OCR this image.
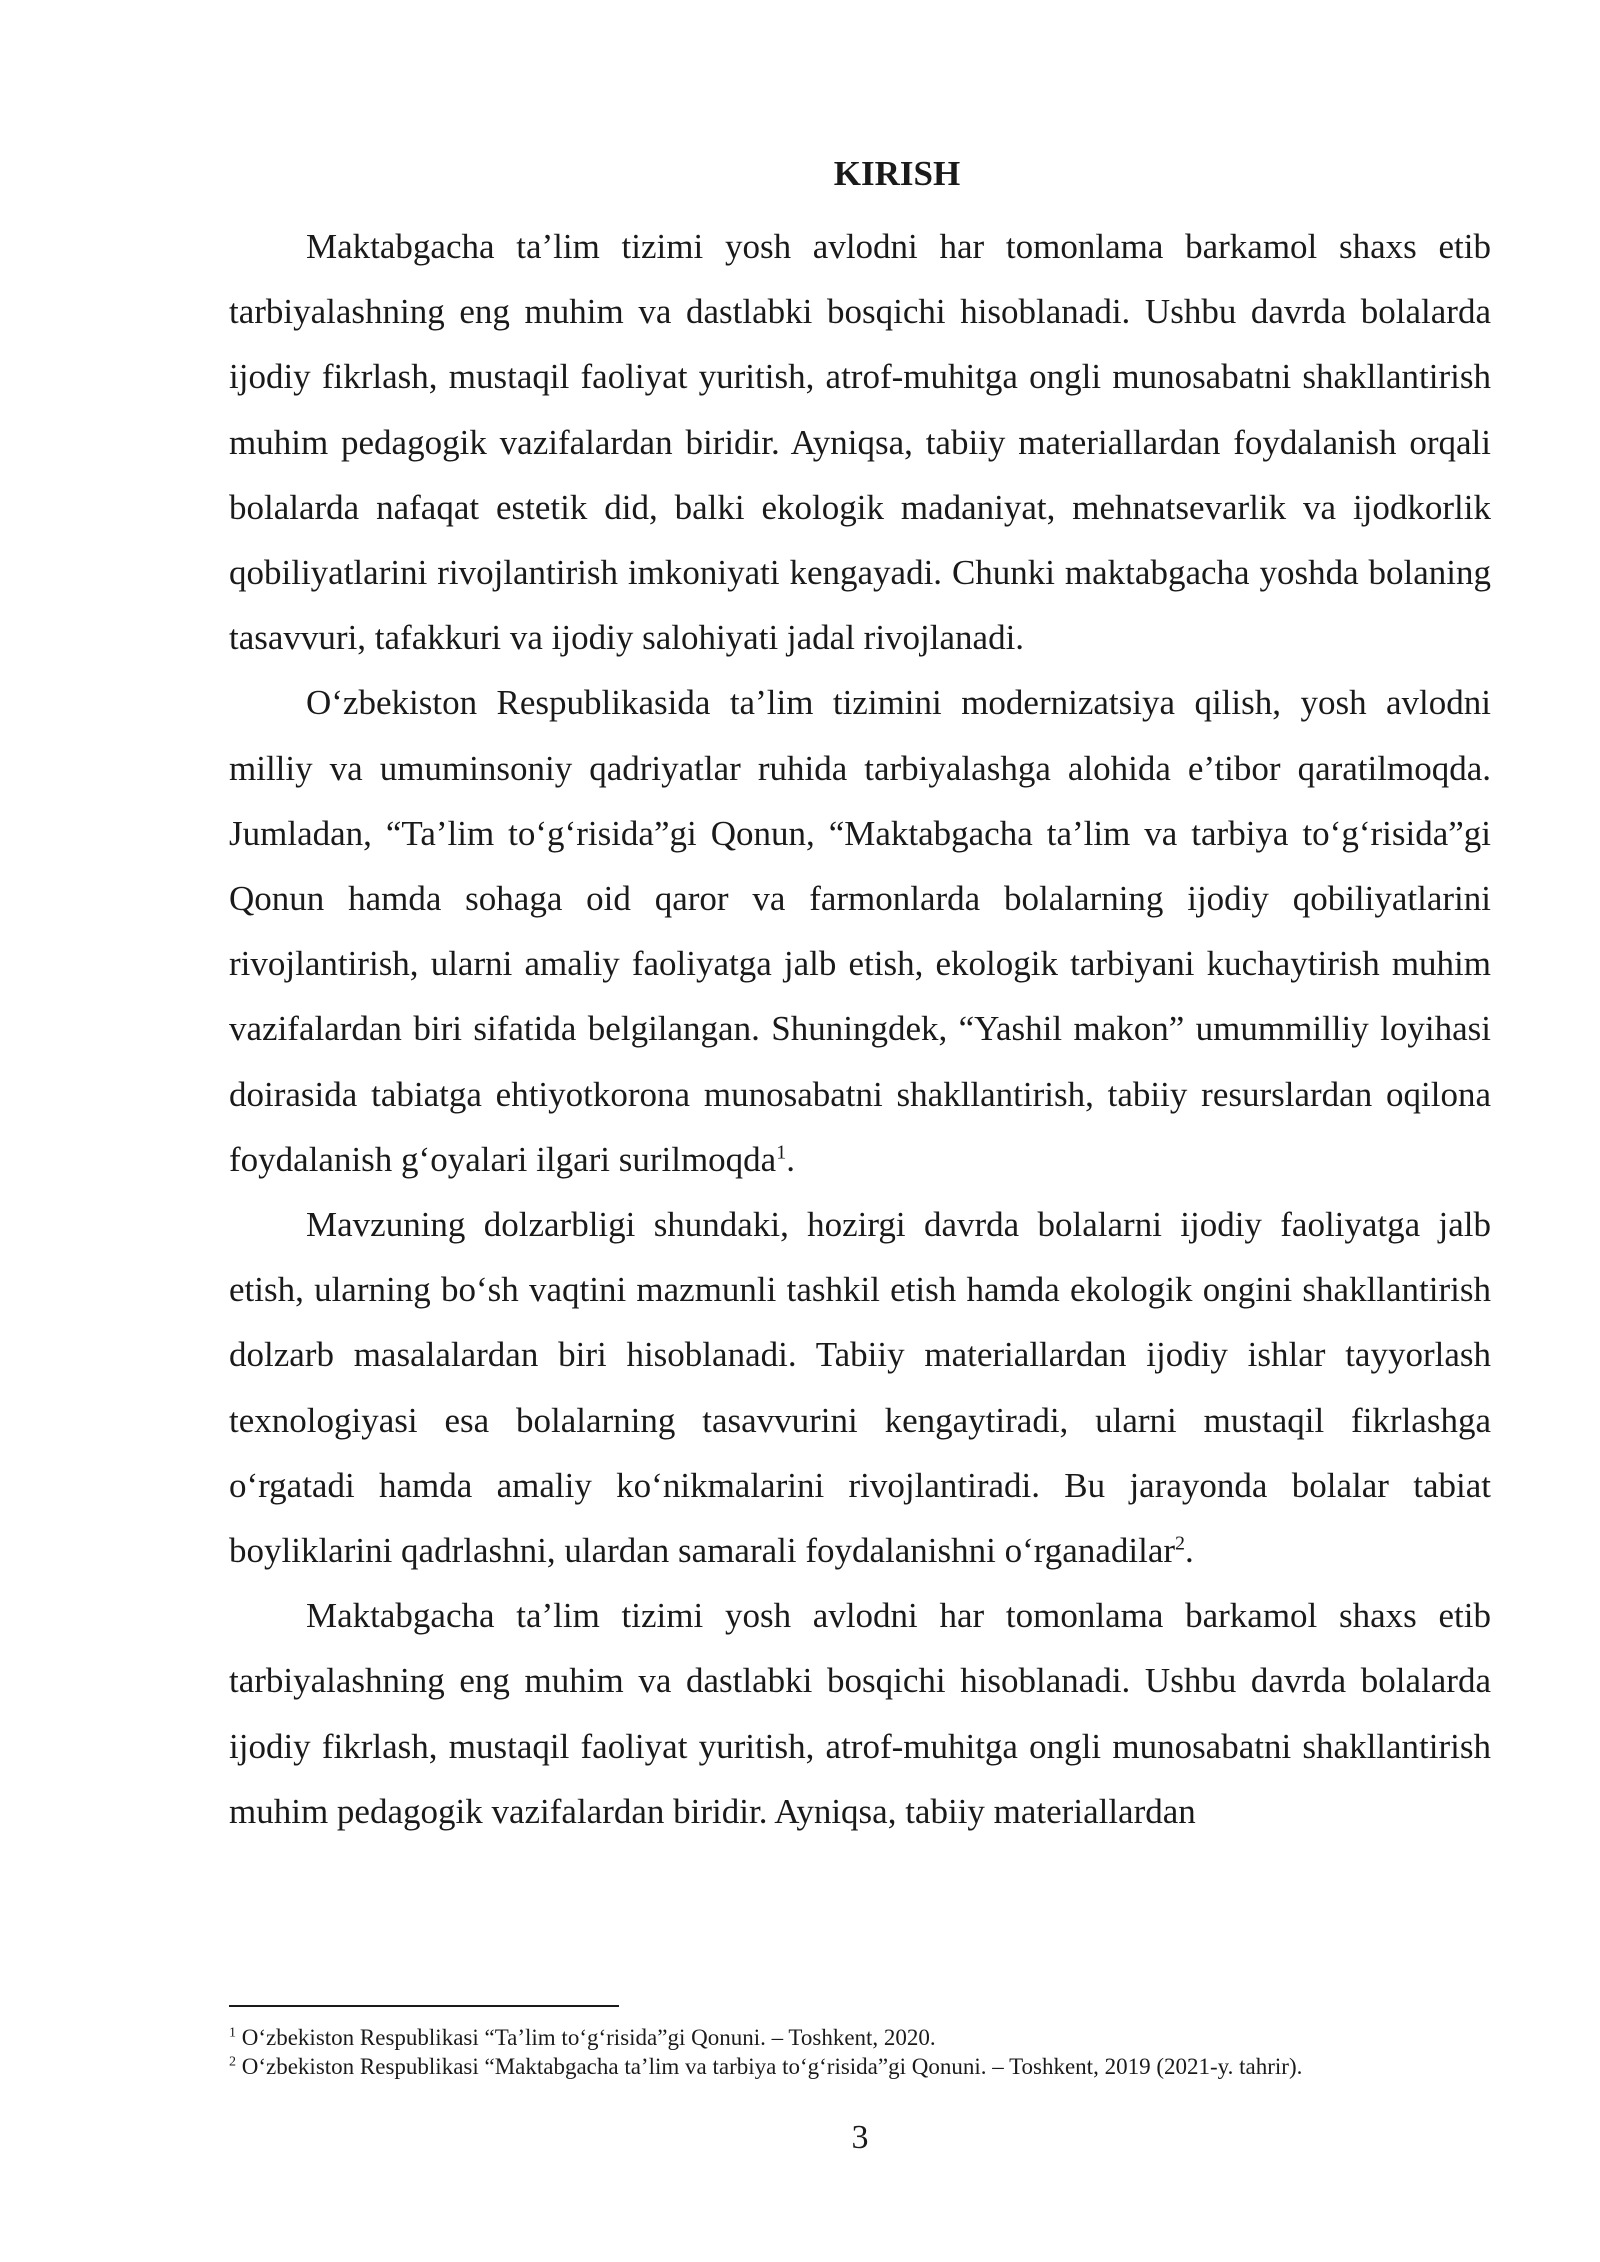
KIRISH

Maktabgacha ta’lim tizimi yosh avlodni har tomonlama barkamol shaxs etib tarbiyalashning eng muhim va dastlabki bosqichi hisoblanadi. Ushbu davrda bolalarda ijodiy fikrlash, mustaqil faoliyat yuritish, atrof-muhitga ongli munosabatni shakllantirish muhim pedagogik vazifalardan biridir. Ayniqsa, tabiiy materiallardan foydalanish orqali bolalarda nafaqat estetik did, balki ekologik madaniyat, mehnatsevarlik va ijodkorlik qobiliyatlarini rivojlantirish imkoniyati kengayadi. Chunki maktabgacha yoshda bolaning tasavvuri, tafakkuri va ijodiy salohiyati jadal rivojlanadi.

O‘zbekiston Respublikasida ta’lim tizimini modernizatsiya qilish, yosh avlodni milliy va umuminsoniy qadriyatlar ruhida tarbiyalashga alohida e’tibor qaratilmoqda. Jumladan, “Ta’lim to‘g‘risida”gi Qonun, “Maktabgacha ta’lim va tarbiya to‘g‘risida”gi Qonun hamda sohaga oid qaror va farmonlarda bolalarning ijodiy qobiliyatlarini rivojlantirish, ularni amaliy faoliyatga jalb etish, ekologik tarbiyani kuchaytirish muhim vazifalardan biri sifatida belgilangan. Shuningdek, “Yashil makon” umummilliy loyihasi doirasida tabiatga ehtiyotkorona munosabatni shakllantirish, tabiiy resurslardan oqilona foydalanish g‘oyalari ilgari surilmoqda$^1$.

Mavzuning dolzarbligi shundaki, hozirgi davrda bolalarni ijodiy faoliyatga jalb etish, ularning bo‘sh vaqtini mazmunli tashkil etish hamda ekologik ongini shakllantirish dolzarb masalalardan biri hisoblanadi. Tabiiy materiallardan ijodiy ishlar tayyorlash texnologiyasi esa bolalarning tasavvurini kengaytiradi, ularni mustaqil fikrlashga o‘rgatadi hamda amaliy ko‘nikmalarini rivojlantiradi. Bu jarayonda bolalar tabiat boyliklarini qadrlashni, ulardan samarali foydalanishni o‘rganadilar$^2$.

Maktabgacha ta’lim tizimi yosh avlodni har tomonlama barkamol shaxs etib tarbiyalashning eng muhim va dastlabki bosqichi hisoblanadi. Ushbu davrda bolalarda ijodiy fikrlash, mustaqil faoliyat yuritish, atrof-muhitga ongli munosabatni shakllantirish muhim pedagogik vazifalardan biridir. Ayniqsa, tabiiy materiallardan

$^1$ O‘zbekiston Respublikasi “Ta’lim to‘g‘risida”gi Qonuni. – Toshkent, 2020.

$^2$ O‘zbekiston Respublikasi “Maktabgacha ta’lim va tarbiya to‘g‘risida”gi Qonuni. – Toshkent, 2019 (2021-y. tahrir).

3
